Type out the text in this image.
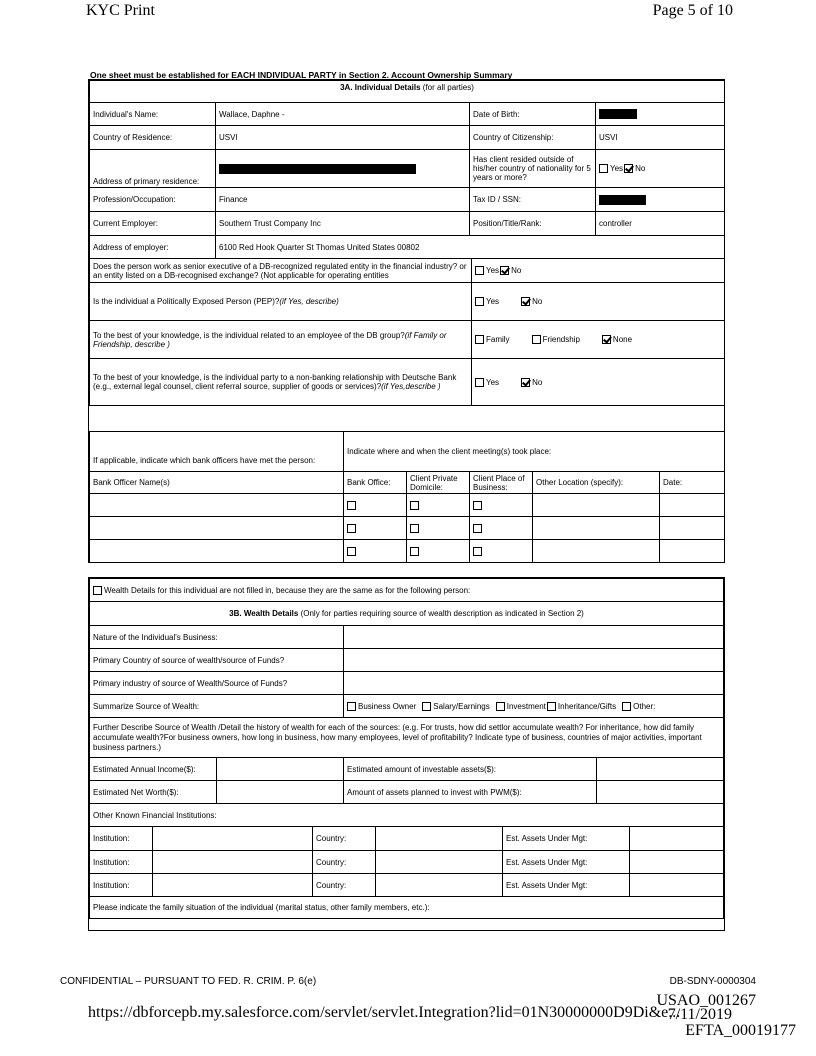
KYC Print	Page 5 of 10
One sheet must be established for EACH INDIVIDUAL PARTY in Section 2. Account Ownership Summary
3A. Individual Details (for all parties)			
Individual's Name:	Wallace, Daphne -	Date of Birth:	
Country of Residence:	USVI	Country of Citizenship:	USVI
Address of primary residence:		Has client resided outside of his/her country of nationality for 5 years or more?	Yes No
Profession/Occupation:	Finance	Tax ID / SSN:	
Current Employer:	Southern Trust Company Inc	Position/Title/Rank:	controller
Address of employer:	6100 Red Hook Quarter St Thomas United States 00802		
Does the person work as senior executive of a DB-recognized regulated entity in the financial industry? or an entity listed on a DB-recognised exchange? (Not applicable for operating entities	Yes No
Is the individual a Politically Exposed Person (PEP)?(if Yes, describe)	Yes No
To the best of your knowledge, is the individual related to an employee of the DB group?(if Family or Friendship, describe )	Family Friendship None
To the best of your knowledge, is the individual party to a non-banking relationship with Deutsche Bank (e.g., external legal counsel, client referral source, supplier of goods or services)?(if Yes,describe )	Yes No
If applicable, indicate which bank officers have met the person:	Indicate where and when the client meeting(s) took place:				
Bank Officer Name(s)	Bank Office:	Client Private Domicile:	Client Place of Business:	Other Location (specify):	Date:

Wealth Details for this individual are not filled in, because they are the same as for the following person:	
3B. Wealth Details (Only for parties requiring source of wealth description as indicated in Section 2)	
Nature of the Individual's Business:	
Primary Country of source of wealth/source of Funds?	
Primary industry of source of Wealth/Source of Funds?	
Summarize Source of Wealth:	Business Owner Salary/Earnings Investment Inheritance/Gifts Other:
Further Describe Source of Wealth /Detail the history of wealth for each of the sources: (e.g. For trusts, how did settlor accumulate wealth? For inheritance, how did family accumulate wealth?For business owners, how long in business, how many employees, level of profitability? Indicate type of business, countries of major activities, important business partners.)	
Estimated Annual Income($):		Estimated amount of investable assets($):	
Estimated Net Worth($):		Amount of assets planned to invest with PWM($):	
Other Known Financial Institutions:			
Institution:		Country:		Est. Assets Under Mgt:	
Institution:		Country:		Est. Assets Under Mgt:	
Institution:		Country:		Est. Assets Under Mgt:	
Please indicate the family situation of the individual (marital status, other family members, etc.):					
CONFIDENTIAL – PURSUANT TO FED. R. CRIM. P. 6(e)	DB-SDNY-0000304
USAO_001267
https://dbforcepb.my.salesforce.com/servlet/servlet.Integration?lid=01N30000000D9Di&e...
7/11/2019
EFTA_00019177
